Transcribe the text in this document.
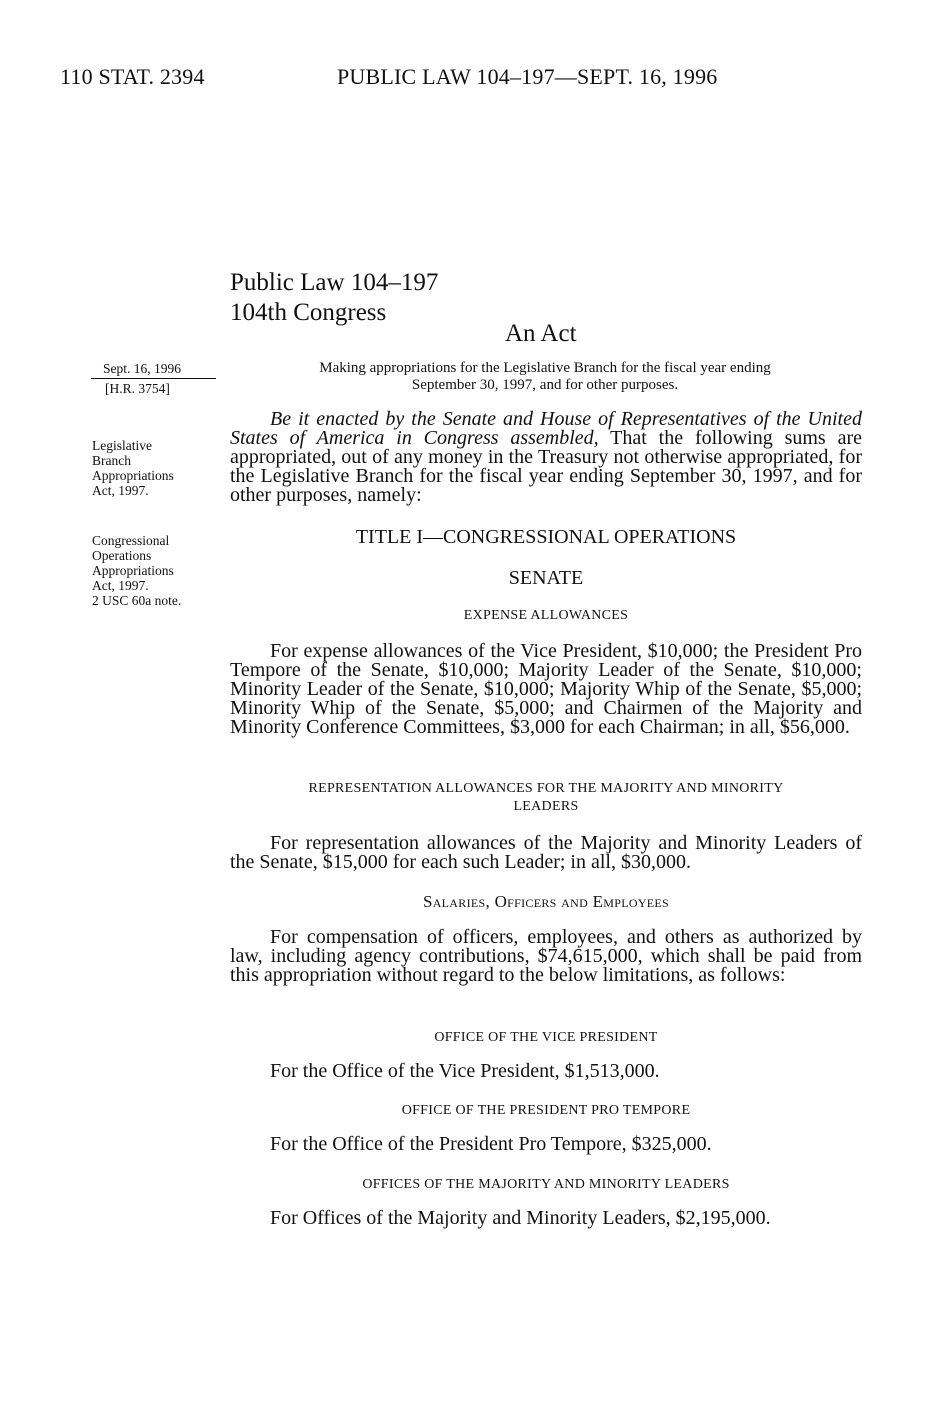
110 STAT. 2394	PUBLIC LAW 104–197—SEPT. 16, 1996
Public Law 104–197
104th Congress
An Act
Sept. 16, 1996
[H.R. 3754]
Legislative
Branch
Appropriations
Act, 1997.
Congressional
Operations
Appropriations
Act, 1997.
2 USC 60a note.
Making appropriations for the Legislative Branch for the fiscal year ending
September 30, 1997, and for other purposes.
Be it enacted by the Senate and House of Representatives of the United States of America in Congress assembled, That the following sums are appropriated, out of any money in the Treasury not otherwise appropriated, for the Legislative Branch for the fiscal year ending September 30, 1997, and for other purposes, namely:
TITLE I—CONGRESSIONAL OPERATIONS
SENATE
EXPENSE ALLOWANCES
For expense allowances of the Vice President, $10,000; the President Pro Tempore of the Senate, $10,000; Majority Leader of the Senate, $10,000; Minority Leader of the Senate, $10,000; Majority Whip of the Senate, $5,000; Minority Whip of the Senate, $5,000; and Chairmen of the Majority and Minority Conference Committees, $3,000 for each Chairman; in all, $56,000.
REPRESENTATION ALLOWANCES FOR THE MAJORITY AND MINORITY
LEADERS
For representation allowances of the Majority and Minority Leaders of the Senate, $15,000 for each such Leader; in all, $30,000.
Salaries, Officers and Employees
For compensation of officers, employees, and others as authorized by law, including agency contributions, $74,615,000, which shall be paid from this appropriation without regard to the below limitations, as follows:
OFFICE OF THE VICE PRESIDENT
For the Office of the Vice President, $1,513,000.
OFFICE OF THE PRESIDENT PRO TEMPORE
For the Office of the President Pro Tempore, $325,000.
OFFICES OF THE MAJORITY AND MINORITY LEADERS
For Offices of the Majority and Minority Leaders, $2,195,000.
